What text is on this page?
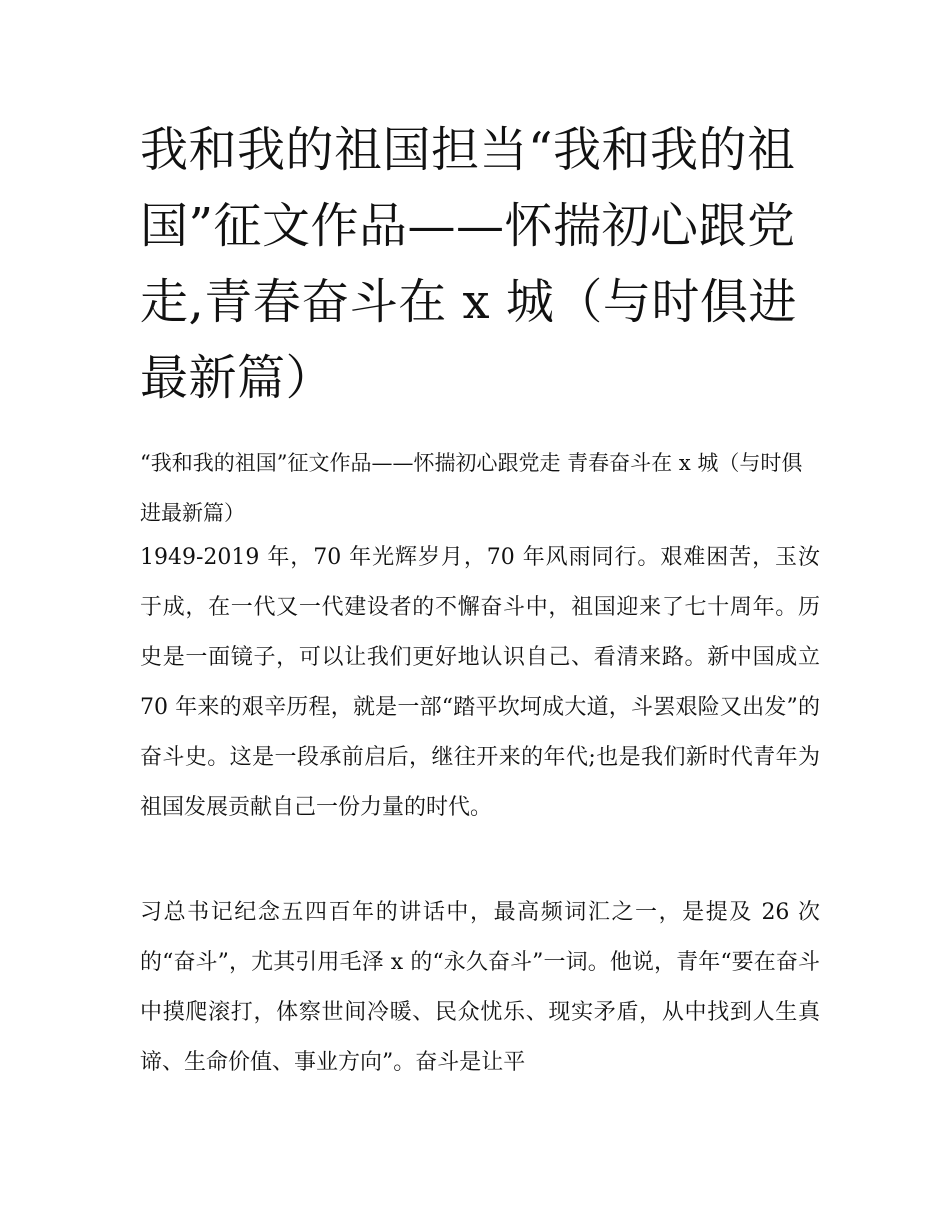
我和我的祖国担当“我和我的祖国”征文作品——怀揣初心跟党走,青春奋斗在 x 城（与时俱进最新篇）

“我和我的祖国”征文作品——怀揣初心跟党走 青春奋斗在 x 城（与时俱进最新篇）

1949-2019 年，70 年光辉岁月，70 年风雨同行。艰难困苦，玉汝于成，在一代又一代建设者的不懈奋斗中，祖国迎来了七十周年。历史是一面镜子，可以让我们更好地认识自己、看清来路。新中国成立 70 年来的艰辛历程，就是一部“踏平坎坷成大道，斗罢艰险又出发”的奋斗史。这是一段承前启后，继往开来的年代;也是我们新时代青年为祖国发展贡献自己一份力量的时代。

习总书记纪念五四百年的讲话中，最高频词汇之一，是提及 26 次的“奋斗”，尤其引用毛泽 x 的“永久奋斗”一词。他说，青年“要在奋斗中摸爬滚打，体察世间冷暖、民众忧乐、现实矛盾，从中找到人生真谛、生命价值、事业方向”。奋斗是让平
